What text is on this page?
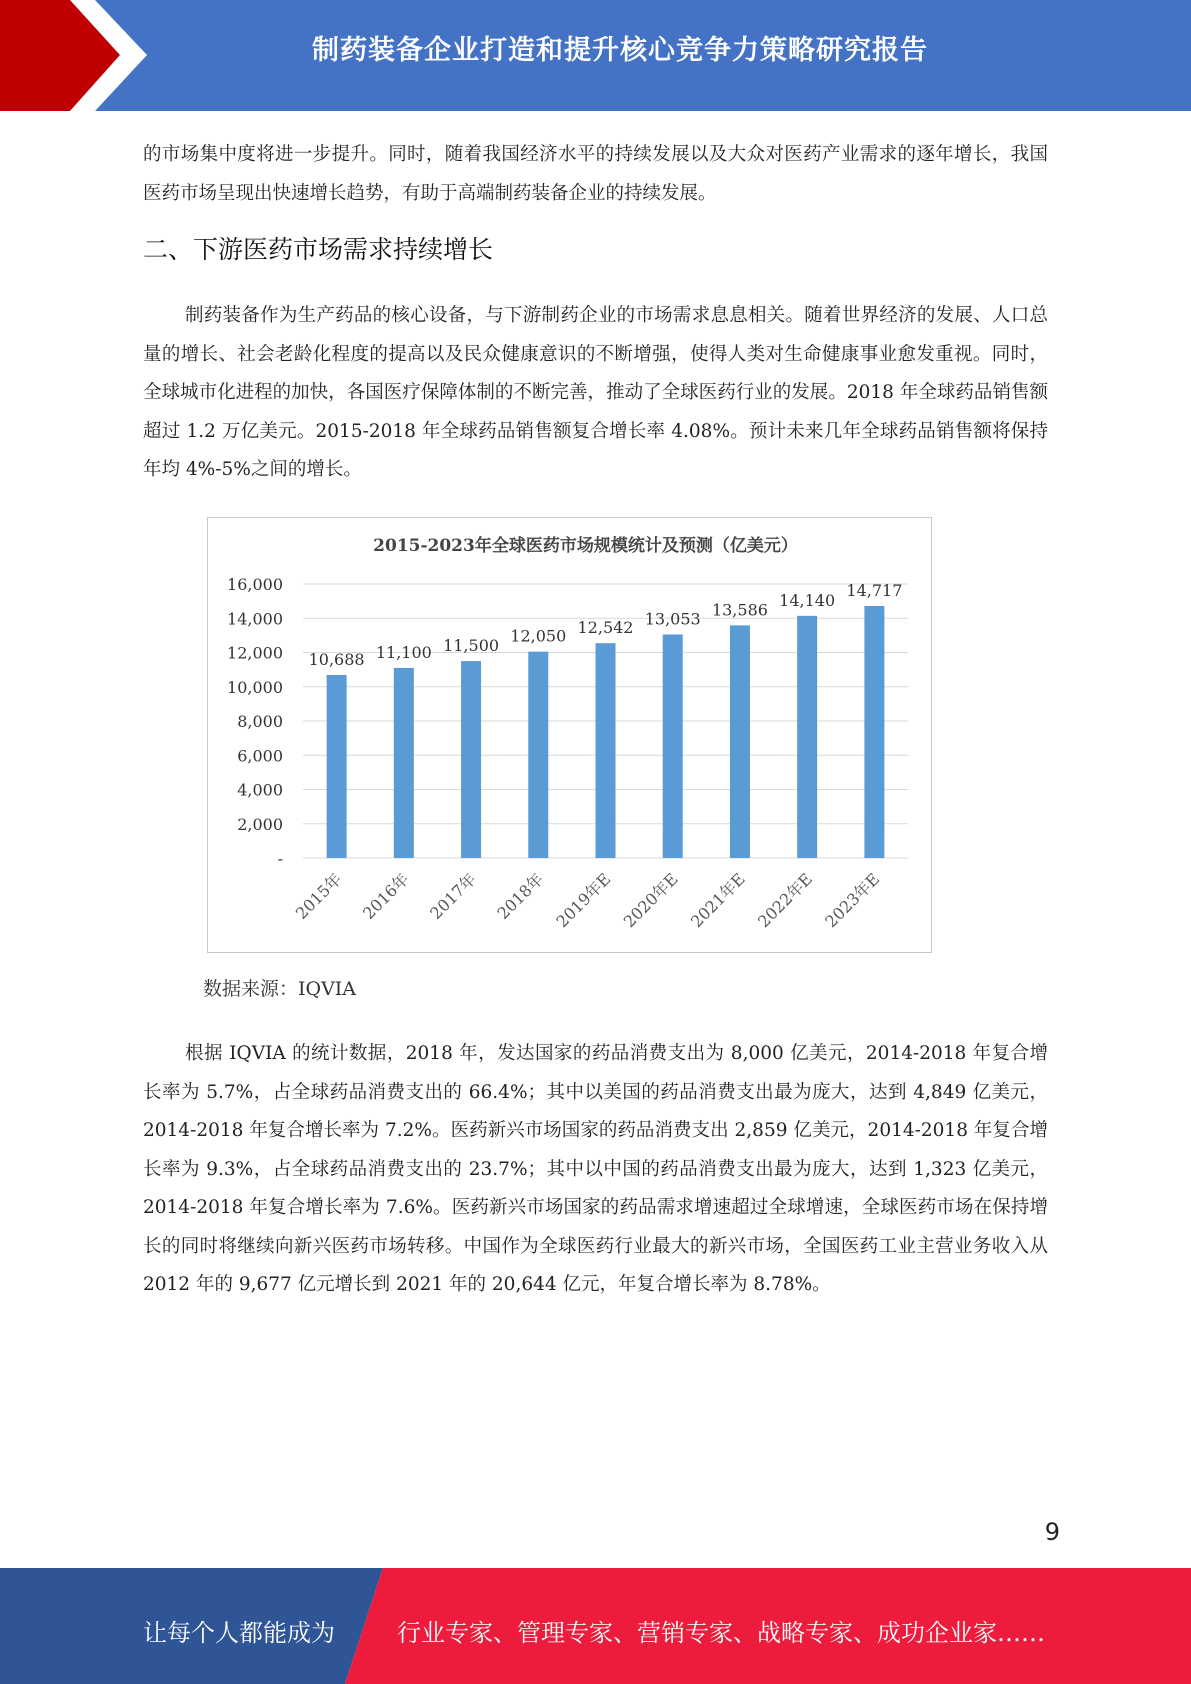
制药装备企业打造和提升核心竞争力策略研究报告

的市场集中度将进一步提升。同时，随着我国经济水平的持续发展以及大众对医药产业需求的逐年增长，我国医药市场呈现出快速增长趋势，有助于高端制药装备企业的持续发展。

二、下游医药市场需求持续增长

制药装备作为生产药品的核心设备，与下游制药企业的市场需求息息相关。随着世界经济的发展、人口总量的增长、社会老龄化程度的提高以及民众健康意识的不断增强，使得人类对生命健康事业愈发重视。同时，全球城市化进程的加快，各国医疗保障体制的不断完善，推动了全球医药行业的发展。2018 年全球药品销售额超过 1.2 万亿美元。2015-2018 年全球药品销售额复合增长率 4.08%。预计未来几年全球药品销售额将保持年均 4%-5%之间的增长。

2015-2023年全球医药市场规模统计及预测（亿美元）
-
2,000
4,000
6,000
8,000
10,000
12,000
14,000
16,000
10,688
2015年
11,100
2016年
11,500
2017年
12,050
2018年
12,542
2019年E
13,053
2020年E
13,586
2021年E
14,140
2022年E
14,717
2023年E

数据来源：IQVIA

根据 IQVIA 的统计数据，2018 年，发达国家的药品消费支出为 8,000 亿美元，2014-2018 年复合增长率为 5.7%，占全球药品消费支出的 66.4%；其中以美国的药品消费支出最为庞大，达到 4,849 亿美元，2014-2018 年复合增长率为 7.2%。医药新兴市场国家的药品消费支出 2,859 亿美元，2014-2018 年复合增长率为 9.3%，占全球药品消费支出的 23.7%；其中以中国的药品消费支出最为庞大，达到 1,323 亿美元，2014-2018 年复合增长率为 7.6%。医药新兴市场国家的药品需求增速超过全球增速，全球医药市场在保持增长的同时将继续向新兴医药市场转移。中国作为全球医药行业最大的新兴市场，全国医药工业主营业务收入从 2012 年的 9,677 亿元增长到 2021 年的 20,644 亿元，年复合增长率为 8.78%。

9
让每个人都能成为	行业专家、管理专家、营销专家、战略专家、成功企业家……
